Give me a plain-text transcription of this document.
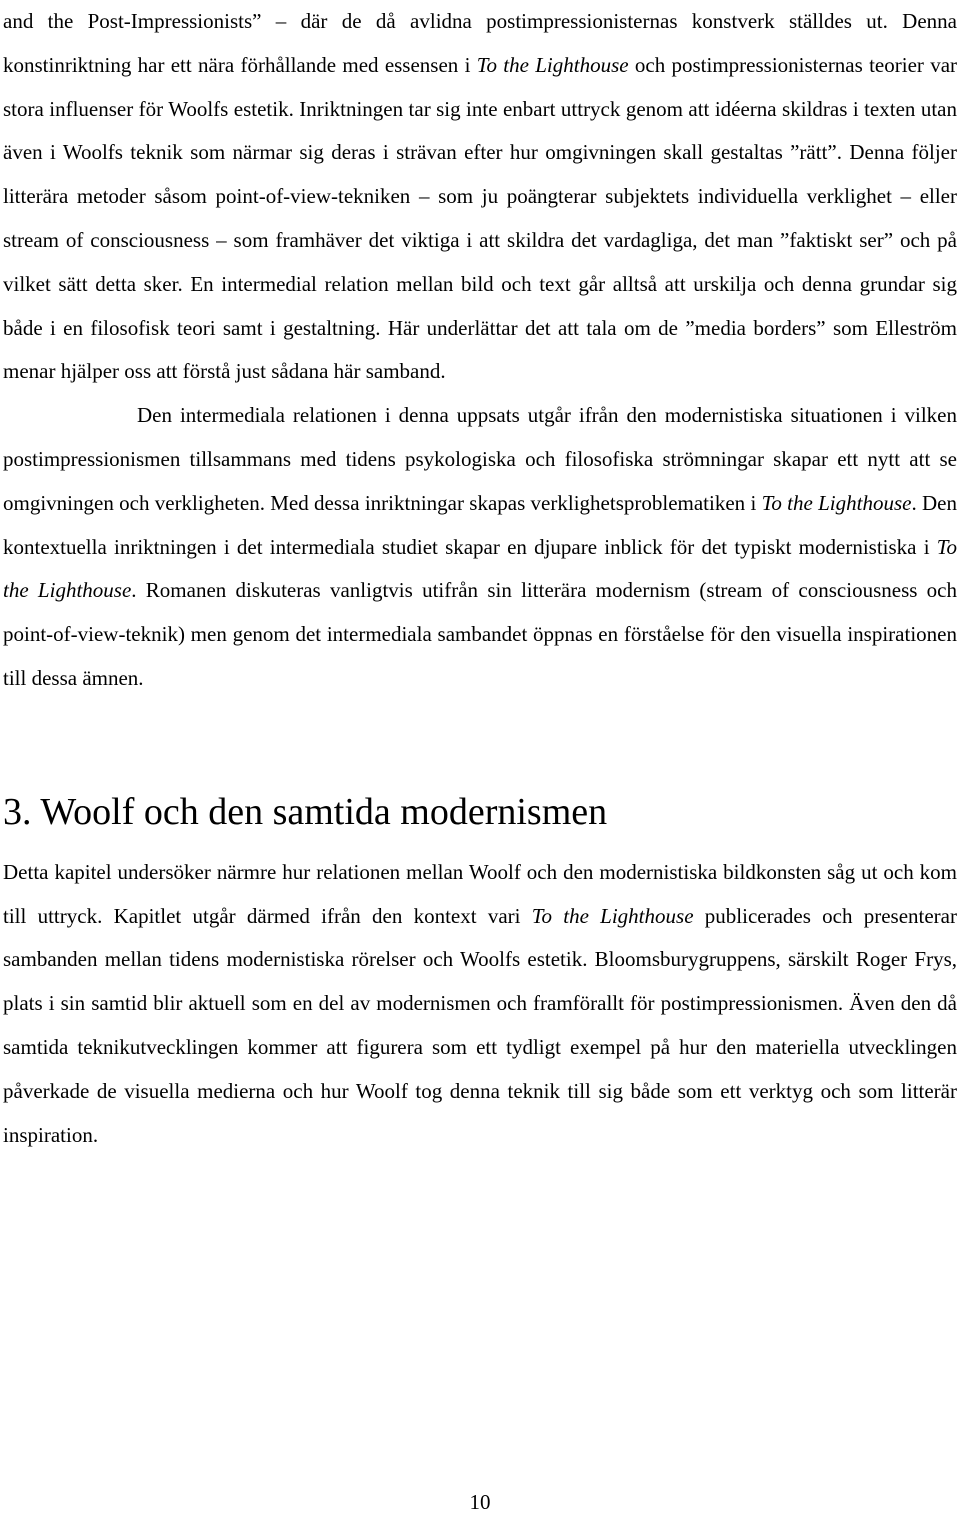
and the Post-Impressionists” – där de då avlidna postimpressionisternas konstverk ställdes ut. Denna konstinriktning har ett nära förhållande med essensen i To the Lighthouse och postimpressionisternas teorier var stora influenser för Woolfs estetik. Inriktningen tar sig inte enbart uttryck genom att idéerna skildras i texten utan även i Woolfs teknik som närmar sig deras i strävan efter hur omgivningen skall gestaltas ”rätt”. Denna följer litterära metoder såsom point-of-view-tekniken – som ju poängterar subjektets individuella verklighet – eller stream of consciousness – som framhäver det viktiga i att skildra det vardagliga, det man ”faktiskt ser” och på vilket sätt detta sker. En intermedial relation mellan bild och text går alltså att urskilja och denna grundar sig både i en filosofisk teori samt i gestaltning. Här underlättar det att tala om de ”media borders” som Elleström menar hjälper oss att förstå just sådana här samband.

Den intermediala relationen i denna uppsats utgår ifrån den modernistiska situationen i vilken postimpressionismen tillsammans med tidens psykologiska och filosofiska strömningar skapar ett nytt att se omgivningen och verkligheten. Med dessa inriktningar skapas verklighetsproblematiken i To the Lighthouse. Den kontextuella inriktningen i det intermediala studiet skapar en djupare inblick för det typiskt modernistiska i To the Lighthouse. Romanen diskuteras vanligtvis utifrån sin litterära modernism (stream of consciousness och point-of-view-teknik) men genom det intermediala sambandet öppnas en förståelse för den visuella inspirationen till dessa ämnen.

3. Woolf och den samtida modernismen

Detta kapitel undersöker närmre hur relationen mellan Woolf och den modernistiska bildkonsten såg ut och kom till uttryck. Kapitlet utgår därmed ifrån den kontext vari To the Lighthouse publicerades och presenterar sambanden mellan tidens modernistiska rörelser och Woolfs estetik. Bloomsburygruppens, särskilt Roger Frys, plats i sin samtid blir aktuell som en del av modernismen och framförallt för postimpressionismen. Även den då samtida teknikutvecklingen kommer att figurera som ett tydligt exempel på hur den materiella utvecklingen påverkade de visuella medierna och hur Woolf tog denna teknik till sig både som ett verktyg och som litterär inspiration.

10
